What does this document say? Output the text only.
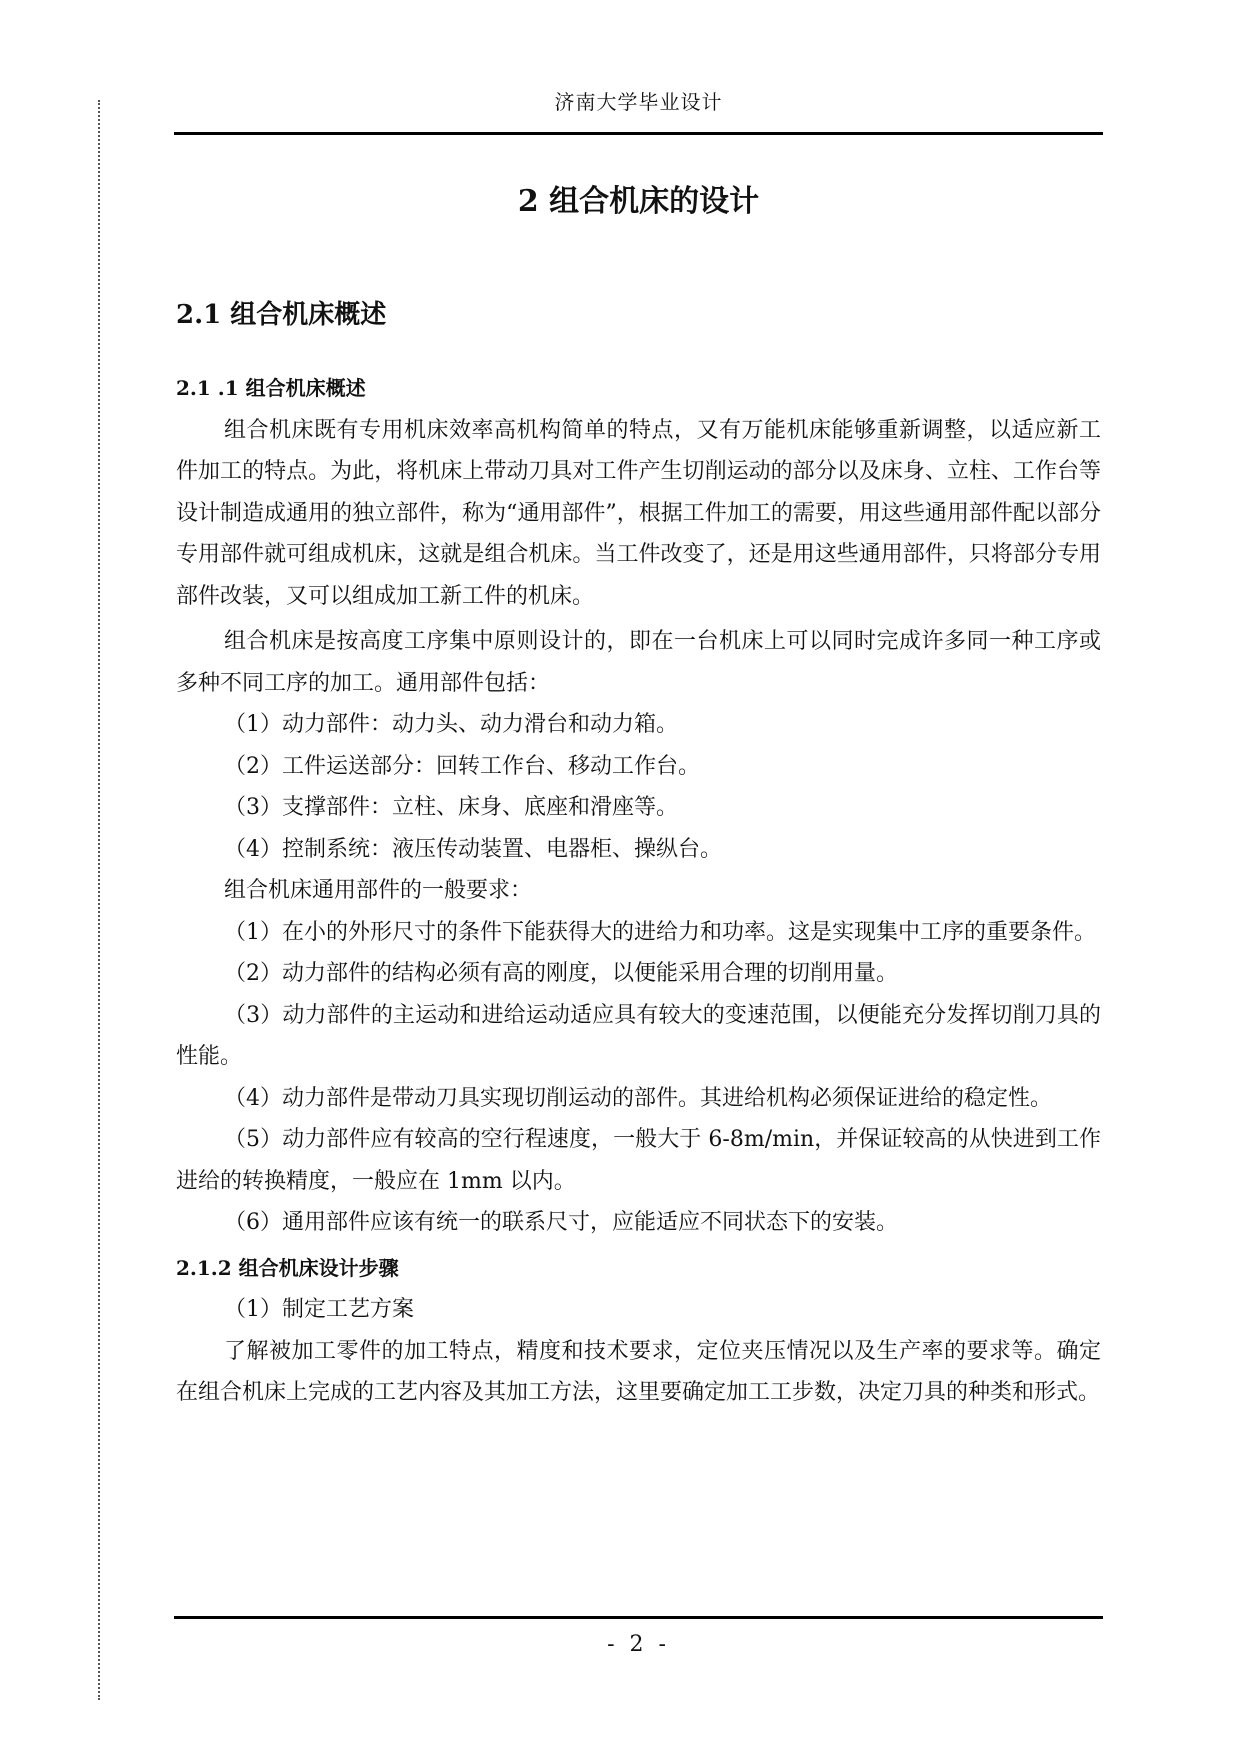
济南大学毕业设计
2 组合机床的设计
2.1 组合机床概述
2.1 .1 组合机床概述

组合机床既有专用机床效率高机构简单的特点，又有万能机床能够重新调整，以适应新工件加工的特点。为此，将机床上带动刀具对工件产生切削运动的部分以及床身、立柱、工作台等设计制造成通用的独立部件，称为“通用部件”，根据工件加工的需要，用这些通用部件配以部分专用部件就可组成机床，这就是组合机床。当工件改变了，还是用这些通用部件，只将部分专用部件改装，又可以组成加工新工件的机床。

组合机床是按高度工序集中原则设计的，即在一台机床上可以同时完成许多同一种工序或多种不同工序的加工。通用部件包括：

（1）动力部件：动力头、动力滑台和动力箱。

（2）工件运送部分：回转工作台、移动工作台。

（3）支撑部件：立柱、床身、底座和滑座等。

（4）控制系统：液压传动装置、电器柜、操纵台。

组合机床通用部件的一般要求：

（1）在小的外形尺寸的条件下能获得大的进给力和功率。这是实现集中工序的重要条件。

（2）动力部件的结构必须有高的刚度，以便能采用合理的切削用量。

（3）动力部件的主运动和进给运动适应具有较大的变速范围，以便能充分发挥切削刀具的性能。

（4）动力部件是带动刀具实现切削运动的部件。其进给机构必须保证进给的稳定性。

（5）动力部件应有较高的空行程速度，一般大于 6-8m/min，并保证较高的从快进到工作进给的转换精度，一般应在 1mm 以内。

（6）通用部件应该有统一的联系尺寸，应能适应不同状态下的安装。

2.1.2 组合机床设计步骤

（1）制定工艺方案

了解被加工零件的加工特点，精度和技术要求，定位夹压情况以及生产率的要求等。确定在组合机床上完成的工艺内容及其加工方法，这里要确定加工工步数，决定刀具的种类和形式。

- 2 -
